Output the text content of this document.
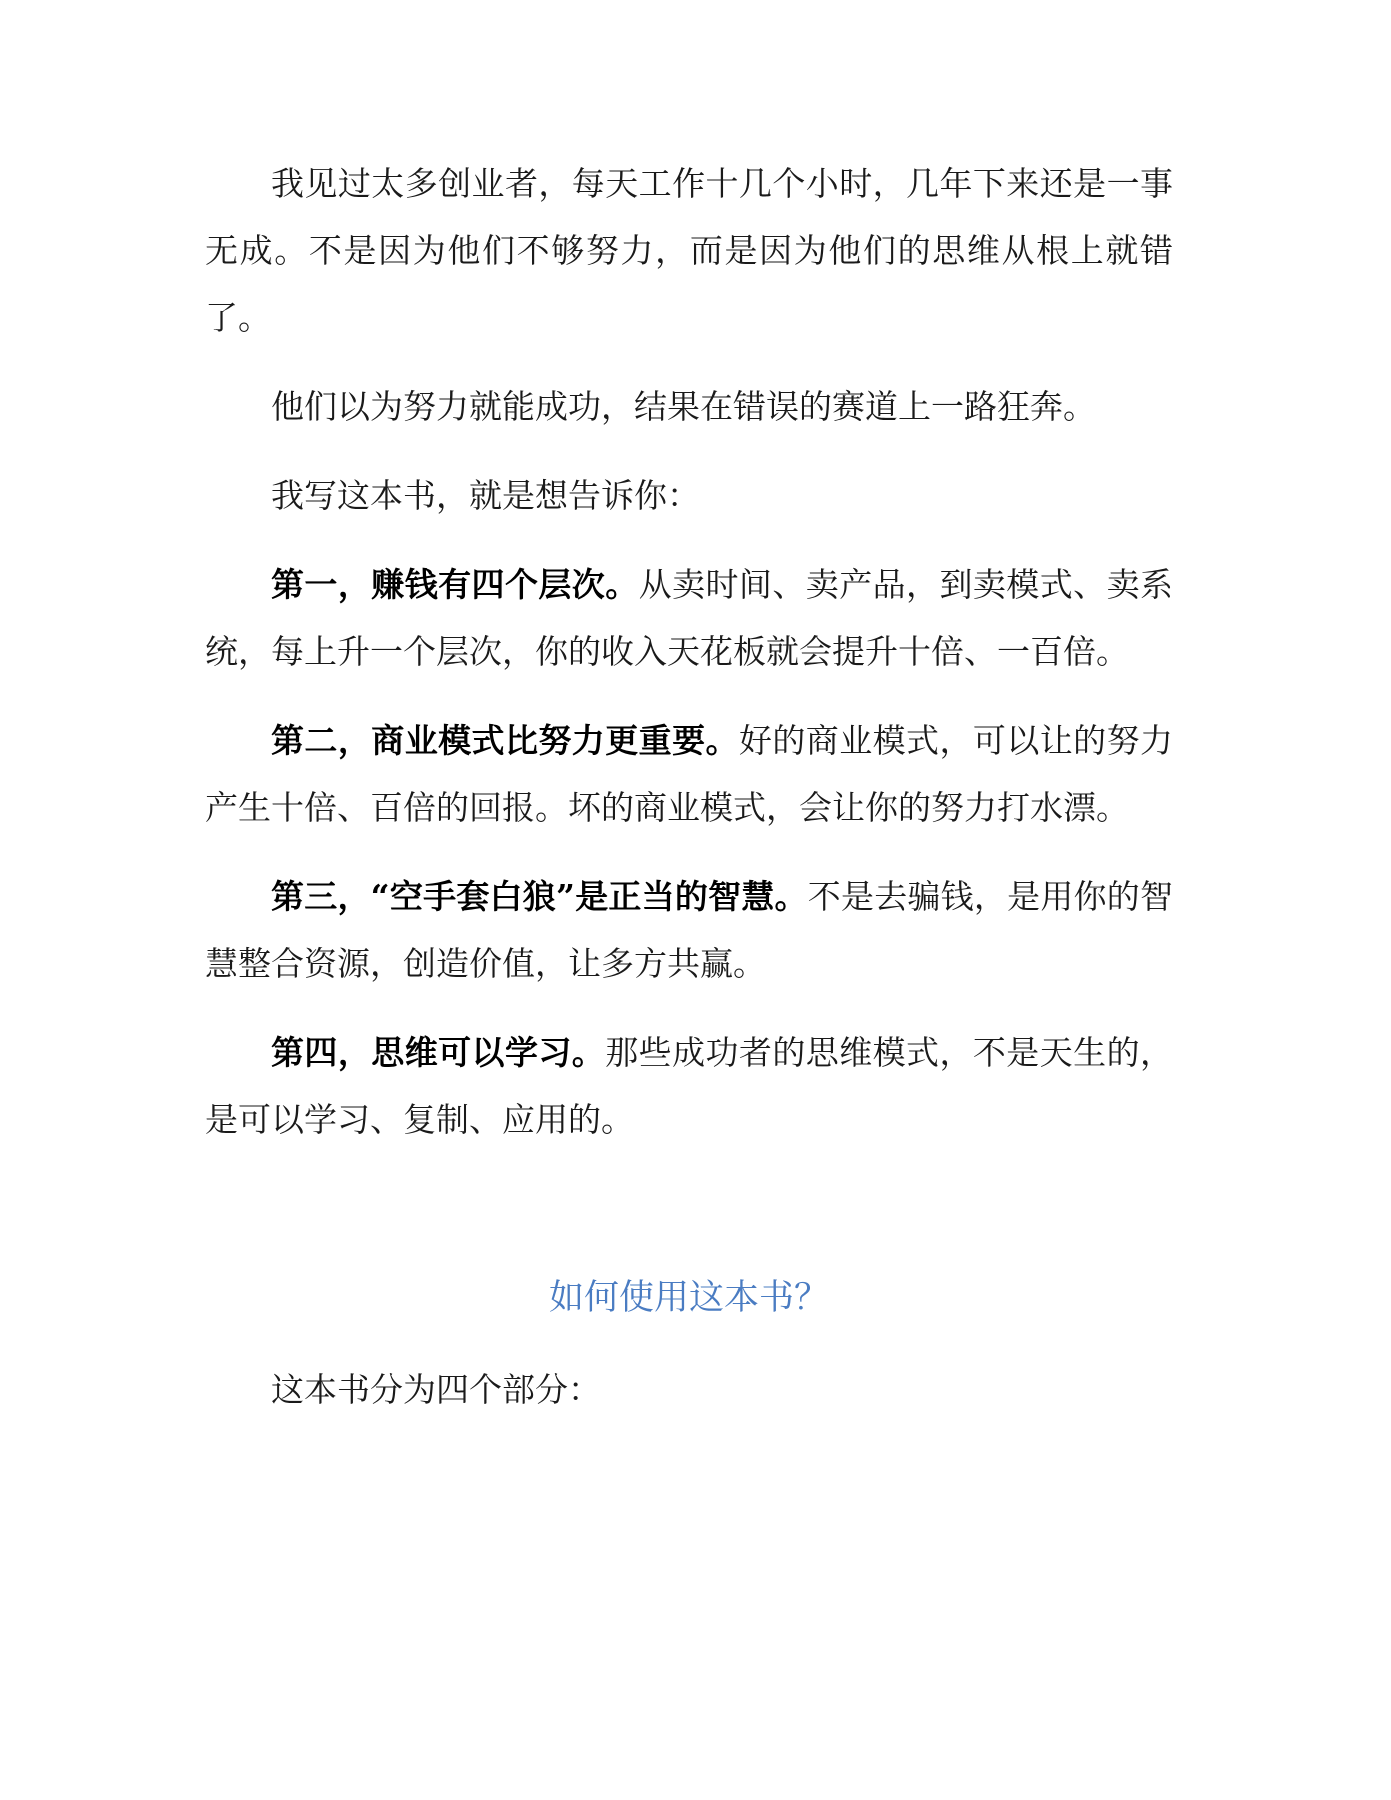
我见过太多创业者，每天工作十几个小时，几年下来还是一事无成。不是因为他们不够努力，而是因为他们的思维从根上就错了。

他们以为努力就能成功，结果在错误的赛道上一路狂奔。

我写这本书，就是想告诉你：

第一，赚钱有四个层次。从卖时间、卖产品，到卖模式、卖系统，每上升一个层次，你的收入天花板就会提升十倍、一百倍。

第二，商业模式比努力更重要。好的商业模式，可以让的努力产生十倍、百倍的回报。坏的商业模式，会让你的努力打水漂。

第三，“空手套白狼”是正当的智慧。不是去骗钱，是用你的智慧整合资源，创造价值，让多方共赢。

第四，思维可以学习。那些成功者的思维模式，不是天生的，是可以学习、复制、应用的。

如何使用这本书？

这本书分为四个部分：
